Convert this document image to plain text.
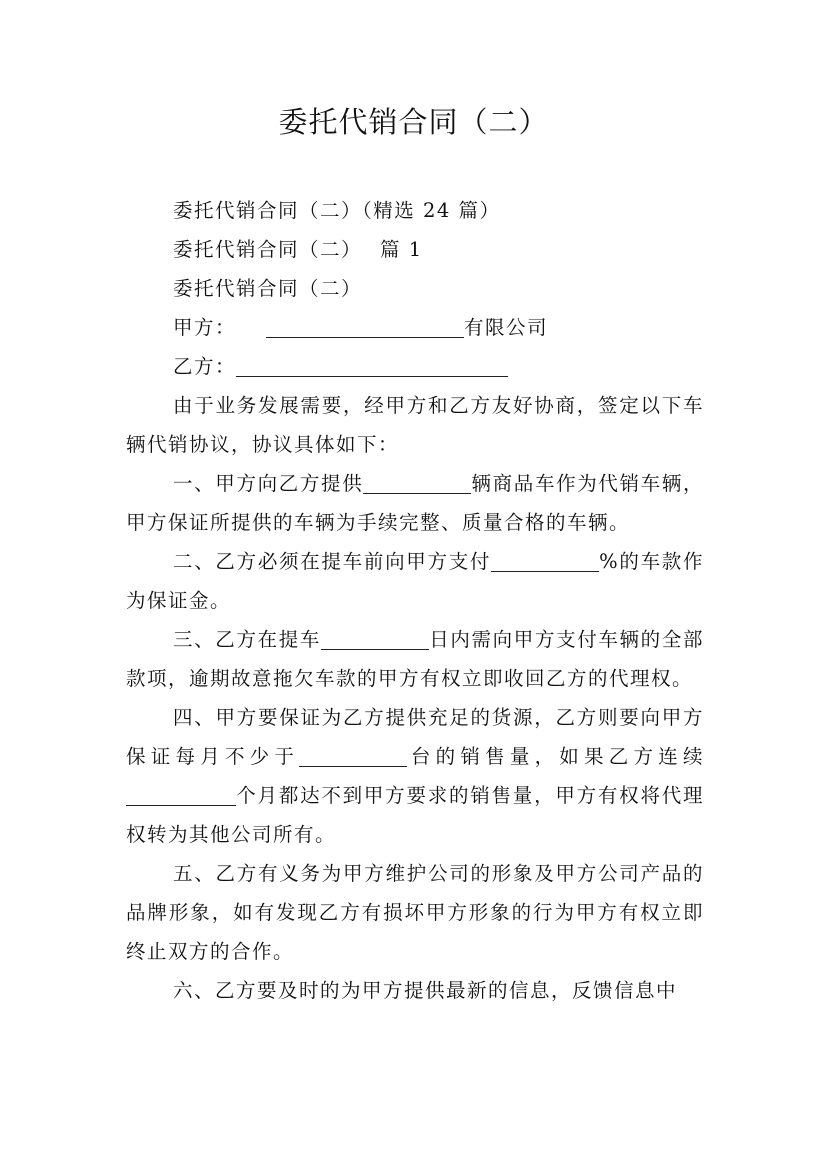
委托代销合同（二）
委托代销合同（二）（精选 24 篇）
委托代销合同（二） 篇 1
委托代销合同（二）
甲方：	有限公司
乙方：

由于业务发展需要，经甲方和乙方友好协商，签定以下车辆代销协议，协议具体如下：

一、甲方向乙方提供	辆商品车作为代销车辆，甲方保证所提供的车辆为手续完整、质量合格的车辆。

二、乙方必须在提车前向甲方支付	%的车款作为保证金。

三、乙方在提车	日内需向甲方支付车辆的全部款项，逾期故意拖欠车款的甲方有权立即收回乙方的代理权。

四、甲方要保证为乙方提供充足的货源，乙方则要向甲方保证每月不少于	台的销售量，如果乙方连续个月都达不到甲方要求的销售量，甲方有权将代理权转为其他公司所有。

五、乙方有义务为甲方维护公司的形象及甲方公司产品的品牌形象，如有发现乙方有损坏甲方形象的行为甲方有权立即终止双方的合作。

六、乙方要及时的为甲方提供最新的信息，反馈信息中
